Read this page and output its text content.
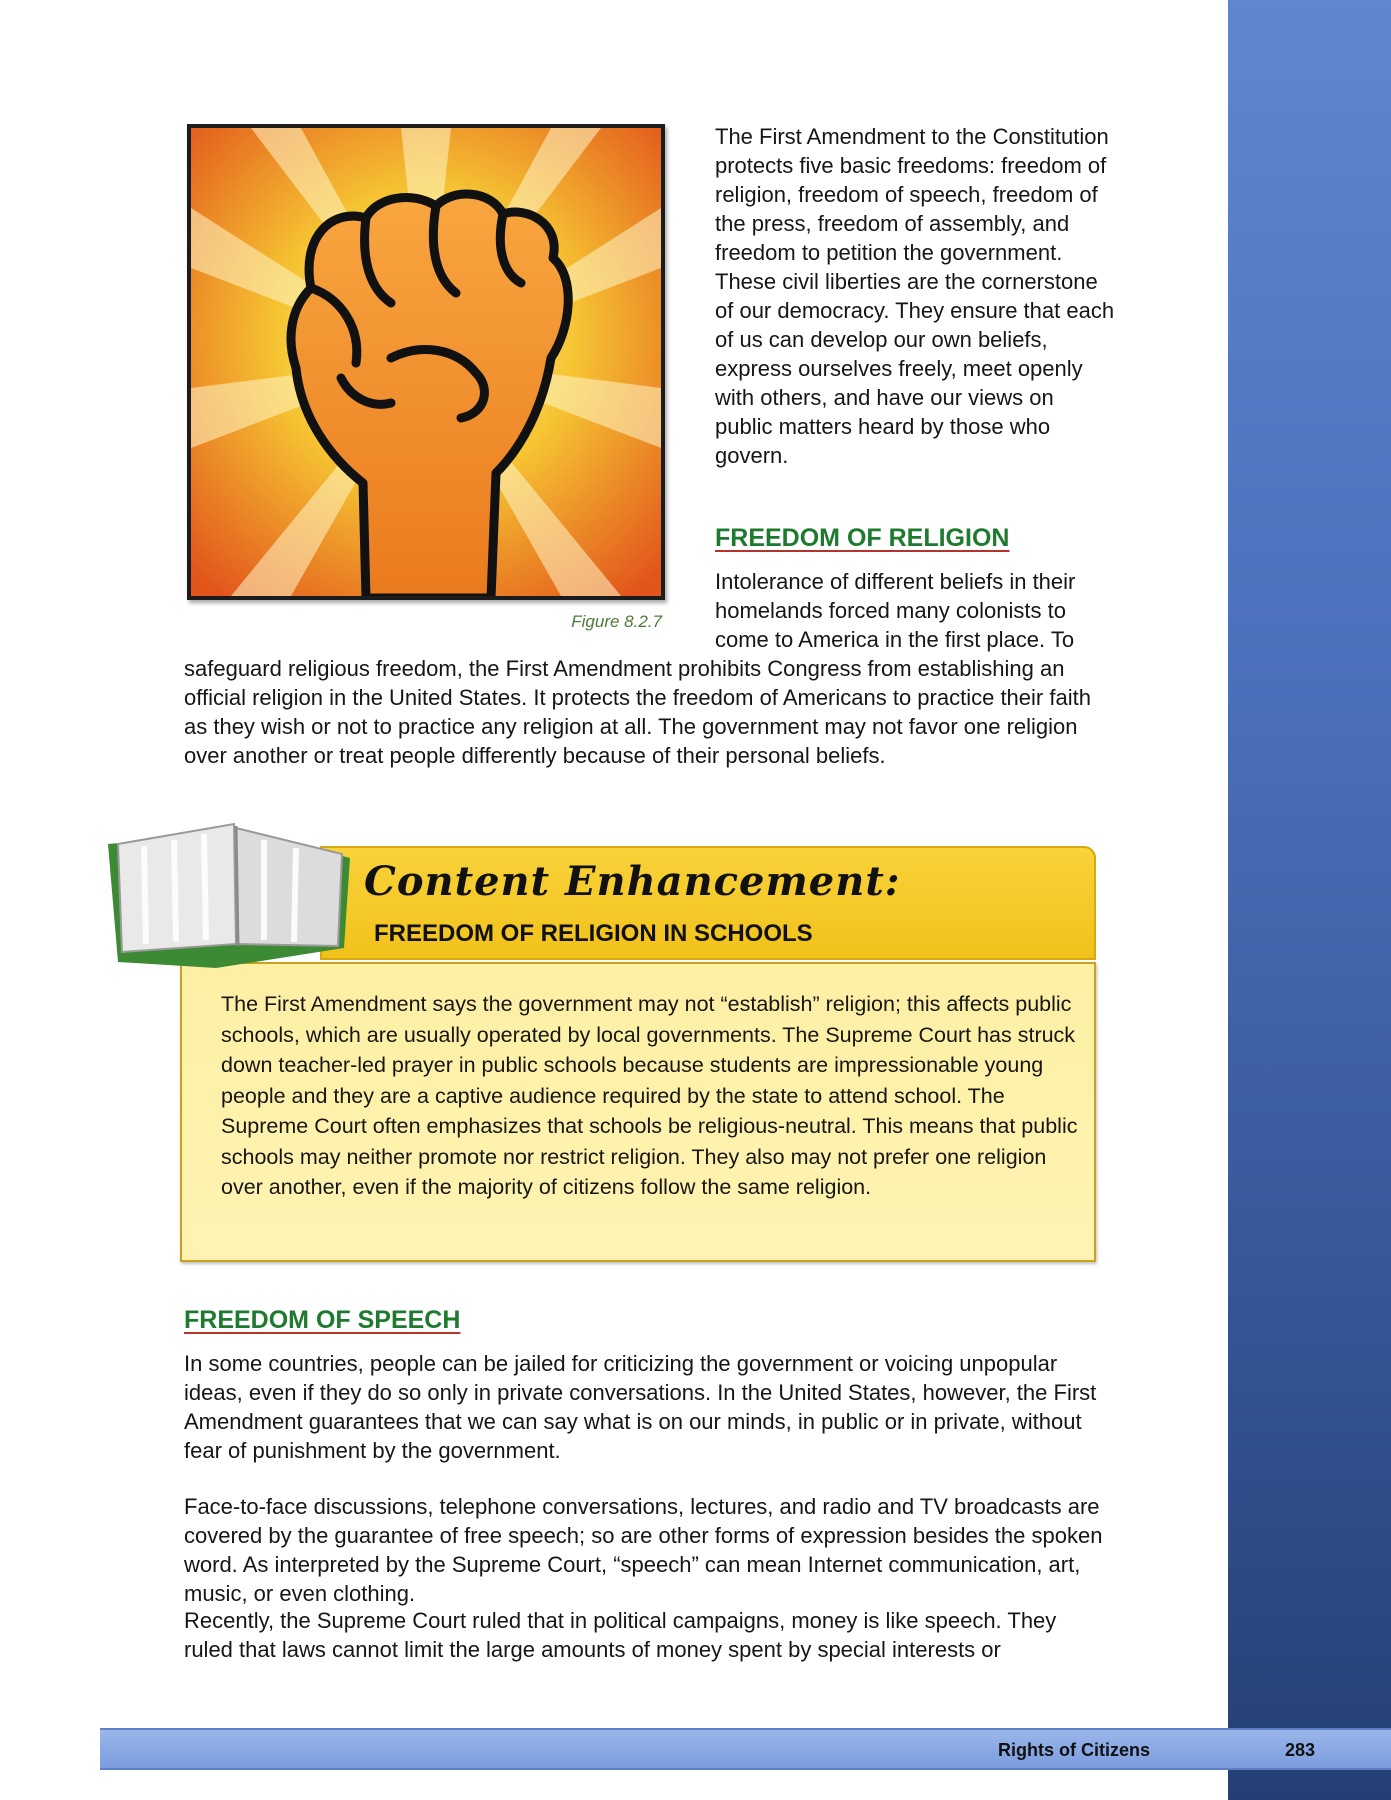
Figure 8.2.7

The First Amendment to the Constitution protects five basic freedoms: freedom of religion, freedom of speech, freedom of the press, freedom of assembly, and freedom to petition the government. These civil liberties are the cornerstone of our democracy. They ensure that each of us can develop our own beliefs, express ourselves freely, meet openly with others, and have our views on public matters heard by those who govern.

FREEDOM OF RELIGION

Intolerance of different beliefs in their homelands forced many colonists to come to America in the first place. To

safeguard religious freedom, the First Amendment prohibits Congress from establishing an official religion in the United States. It protects the freedom of Americans to practice their faith as they wish or not to practice any religion at all. The government may not favor one religion over another or treat people differently because of their personal beliefs.

Content Enhancement:
FREEDOM OF RELIGION IN SCHOOLS

The First Amendment says the government may not “establish” religion; this affects public schools, which are usually operated by local governments. The Supreme Court has struck down teacher-led prayer in public schools because students are impressionable young people and they are a captive audience required by the state to attend school. The Supreme Court often emphasizes that schools be religious-neutral. This means that public schools may neither promote nor restrict religion. They also may not prefer one religion over another, even if the majority of citizens follow the same religion.

FREEDOM OF SPEECH

In some countries, people can be jailed for criticizing the government or voicing unpopular ideas, even if they do so only in private conversations. In the United States, however, the First Amendment guarantees that we can say what is on our minds, in public or in private, without fear of punishment by the government.

Face-to-face discussions, telephone conversations, lectures, and radio and TV broadcasts are covered by the guarantee of free speech; so are other forms of expression besides the spoken word. As interpreted by the Supreme Court, “speech” can mean Internet communication, art, music, or even clothing.

Recently, the Supreme Court ruled that in political campaigns, money is like speech. They ruled that laws cannot limit the large amounts of money spent by special interests or

Rights of Citizens	283
